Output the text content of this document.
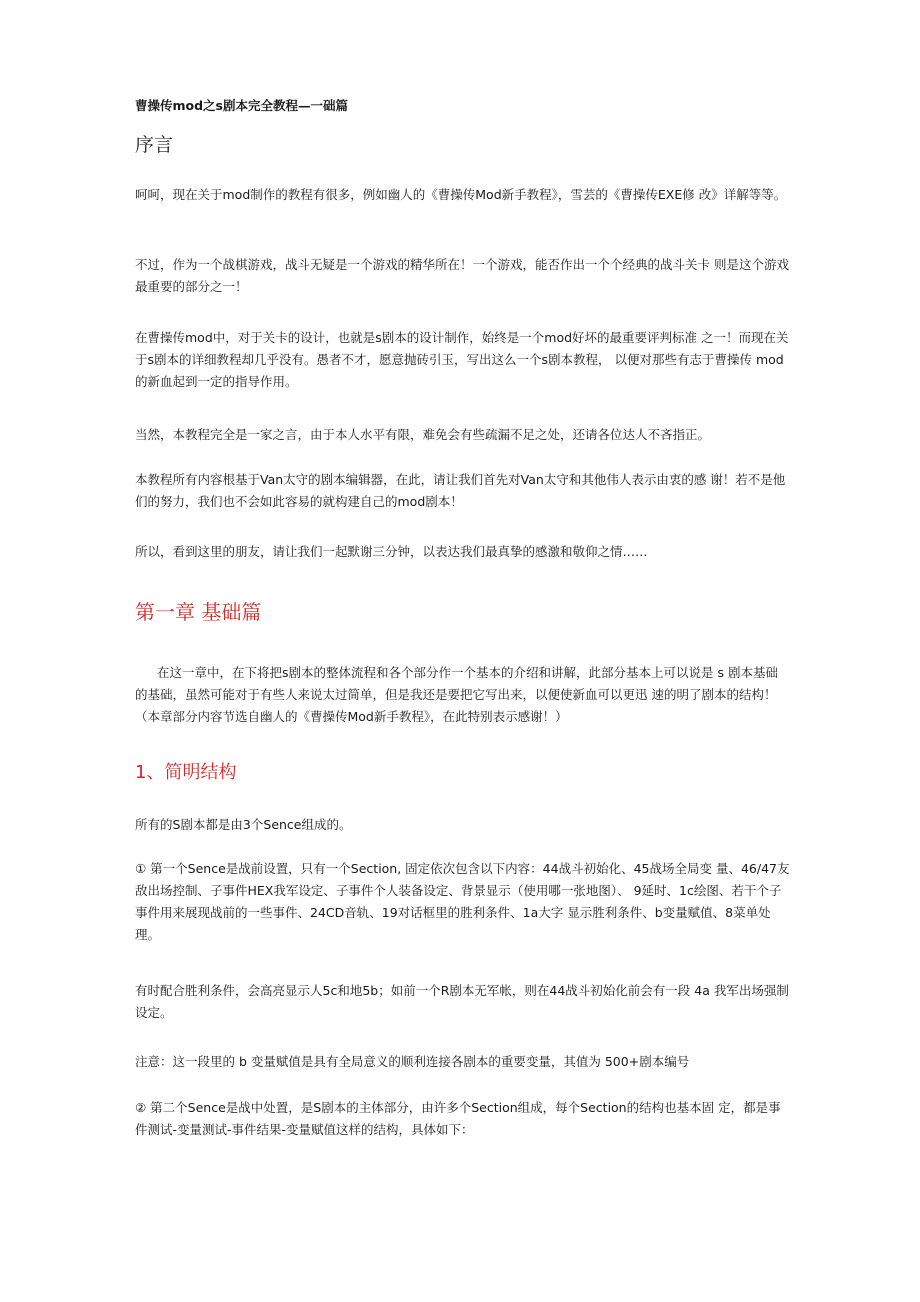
曹操传mod之s剧本完全教程—一础篇
序言
呵呵，现在关于mod制作的教程有很多，例如幽人的《曹操传Mod新手教程》，雪芸的《曹操传EXE修 改》详解等等。
不过，作为一个战棋游戏，战斗无疑是一个游戏的精华所在！一个游戏，能否作出一个个经典的战斗关卡 则是这个游戏最重要的部分之一！
在曹操传mod中，对于关卡的设计，也就是s剧本的设计制作，始终是一个mod好坏的最重要评判标准 之一！而现在关于s剧本的详细教程却几乎没有。愚者不才，愿意抛砖引玉，写出这么一个s剧本教程， 以便对那些有志于曹操传 mod 的新血起到一定的指导作用。
当然，本教程完全是一家之言，由于本人水平有限，难免会有些疏漏不足之处，还请各位达人不吝指正。
本教程所有内容根基于Van太守的剧本编辑器，在此，请让我们首先对Van太守和其他伟人表示由衷的感 谢！若不是他们的努力，我们也不会如此容易的就构建自己的mod剧本！
所以，看到这里的朋友，请让我们一起默谢三分钟，以表达我们最真挚的感激和敬仰之情……
第一章 基础篇
在这一章中，在下将把s剧本的整体流程和各个部分作一个基本的介绍和讲解，此部分基本上可以说是 s 剧本基础的基础，虽然可能对于有些人来说太过简单，但是我还是要把它写出来，以便使新血可以更迅 速的明了剧本的结构！（本章部分内容节选自幽人的《曹操传Mod新手教程》，在此特别表示感谢！）
1、简明结构
所有的S剧本都是由3个Sence组成的。
① 第一个Sence是战前设置，只有一个Section, 固定依次包含以下内容：44战斗初始化、45战场全局变 量、46/47友敌出场控制、子事件HEX我军设定、子事件个人装备设定、背景显示（使用哪一张地图）、 9延时、1c绘图、若干个子事件用来展现战前的一些事件、24CD音轨、19对话框里的胜利条件、1a大字 显示胜利条件、b变量赋值、8菜单处理。
有时配合胜利条件，会高亮显示人5c和地5b；如前一个R剧本无军帐，则在44战斗初始化前会有一段 4a 我军出场强制设定。
注意：这一段里的 b 变量赋值是具有全局意义的顺利连接各剧本的重要变量，其值为 500+剧本编号
② 第二个Sence是战中处置，是S剧本的主体部分，由许多个Section组成，每个Section的结构也基本固 定，都是事件测试-变量测试-事件结果-变量赋值这样的结构，具体如下：
